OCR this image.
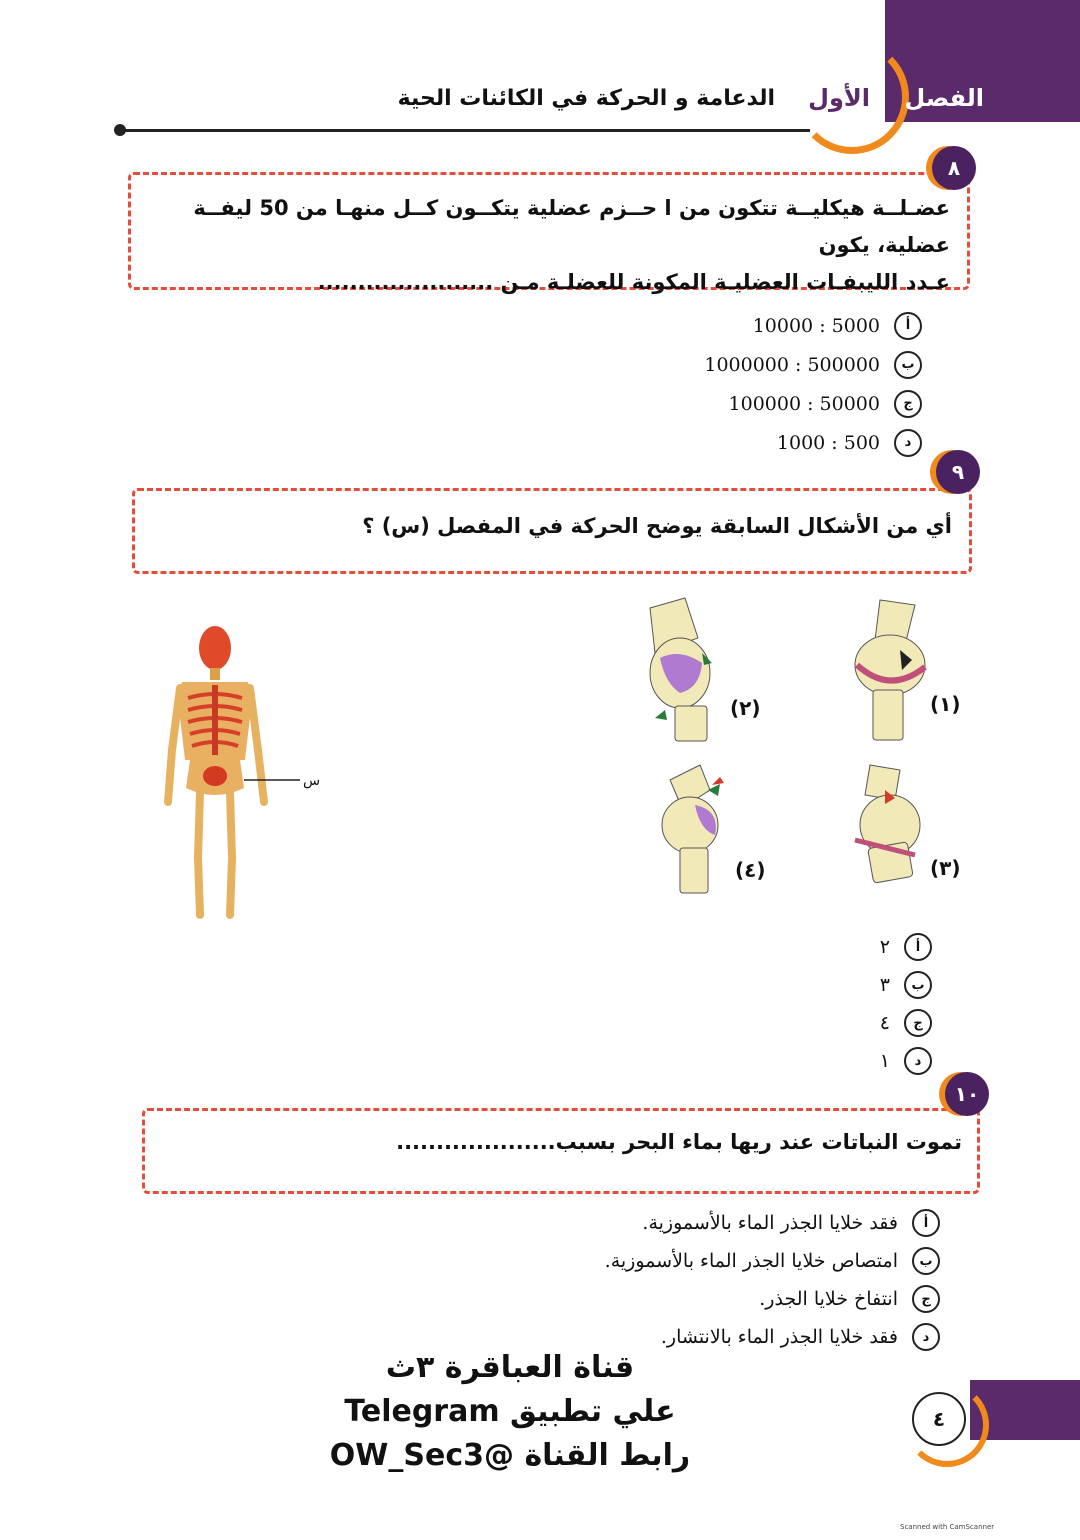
الفصل
الأول
الدعامة و الحركة في الكائنات الحية
٨
عضـلــة هيكليــة تتكون من ا حــزم عضلية يتكــون كــل منهـا من 50 ليفــة عضلية، يكون
عـدد الليبفـات العضليـة المكونة للعضلـة مـن ......................
أ
5000 : 10000
ب
500000 : 1000000
ج
50000 : 100000
د
500 : 1000
٩
أي من الأشكال السابقة يوضح الحركة في المفصل (س) ؟
س
(٢)	(١)
(٤)	(٣)
أ
٢
ب
٣
ج
٤
د
١
١٠
تموت النباتات عند ريها بماء البحر بسبب....................
أ
فقد خلايا الجذر الماء بالأسموزية.
ب
امتصاص خلايا الجذر الماء بالأسموزية.
ج
انتفاخ خلايا الجذر.
د
فقد خلايا الجذر الماء بالانتشار.
قناة العباقرة ٣ث
علي تطبيق Telegram
رابط القناة @OW_Sec3
٤
Scanned with CamScanner
